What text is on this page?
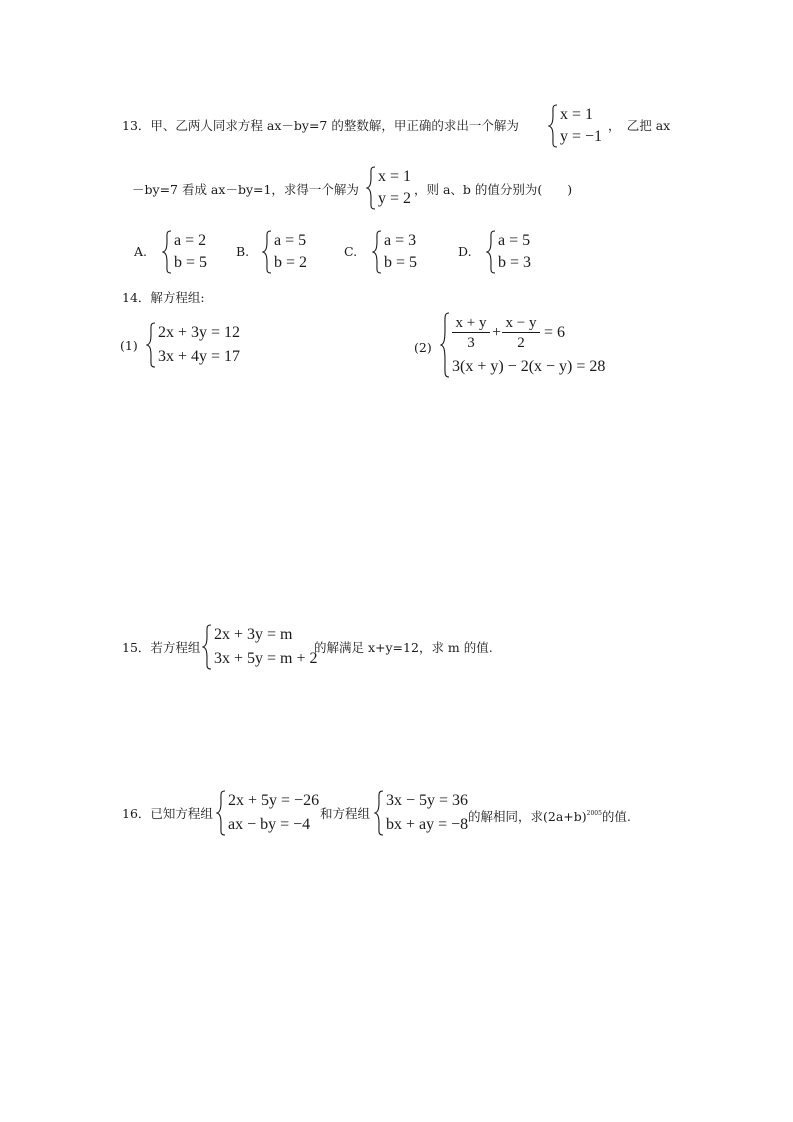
13．甲、乙两人同求方程 ax－by=7 的整数解，甲正确的求出一个解为
x = 1
y = −1
，　乙把 ax
－by=7 看成 ax－by=1，求得一个解为
x = 1
y = 2
，则 a、b 的值分别为(　　)
A.
a = 2
b = 5
B.
a = 5
b = 2
C.
a = 3
b = 5
D.
a = 5
b = 3
14．解方程组:
(1)
2x + 3y = 12
3x + 4y = 17
$(2) \frac{x + y}{3} + \frac{x - y}{2} = 6$
3(x + y) − 2(x − y) = 28
15．若方程组
2x + 3y = m
3x + 5y = m + 2
的解满足 x+y=12，求 m 的值.
16．已知方程组
2x + 5y = −26
ax − by = −4
和方程组
3x − 5y = 36
bx + ay = −8 的解相同，求$(2a+b)^{2005}$的值.
